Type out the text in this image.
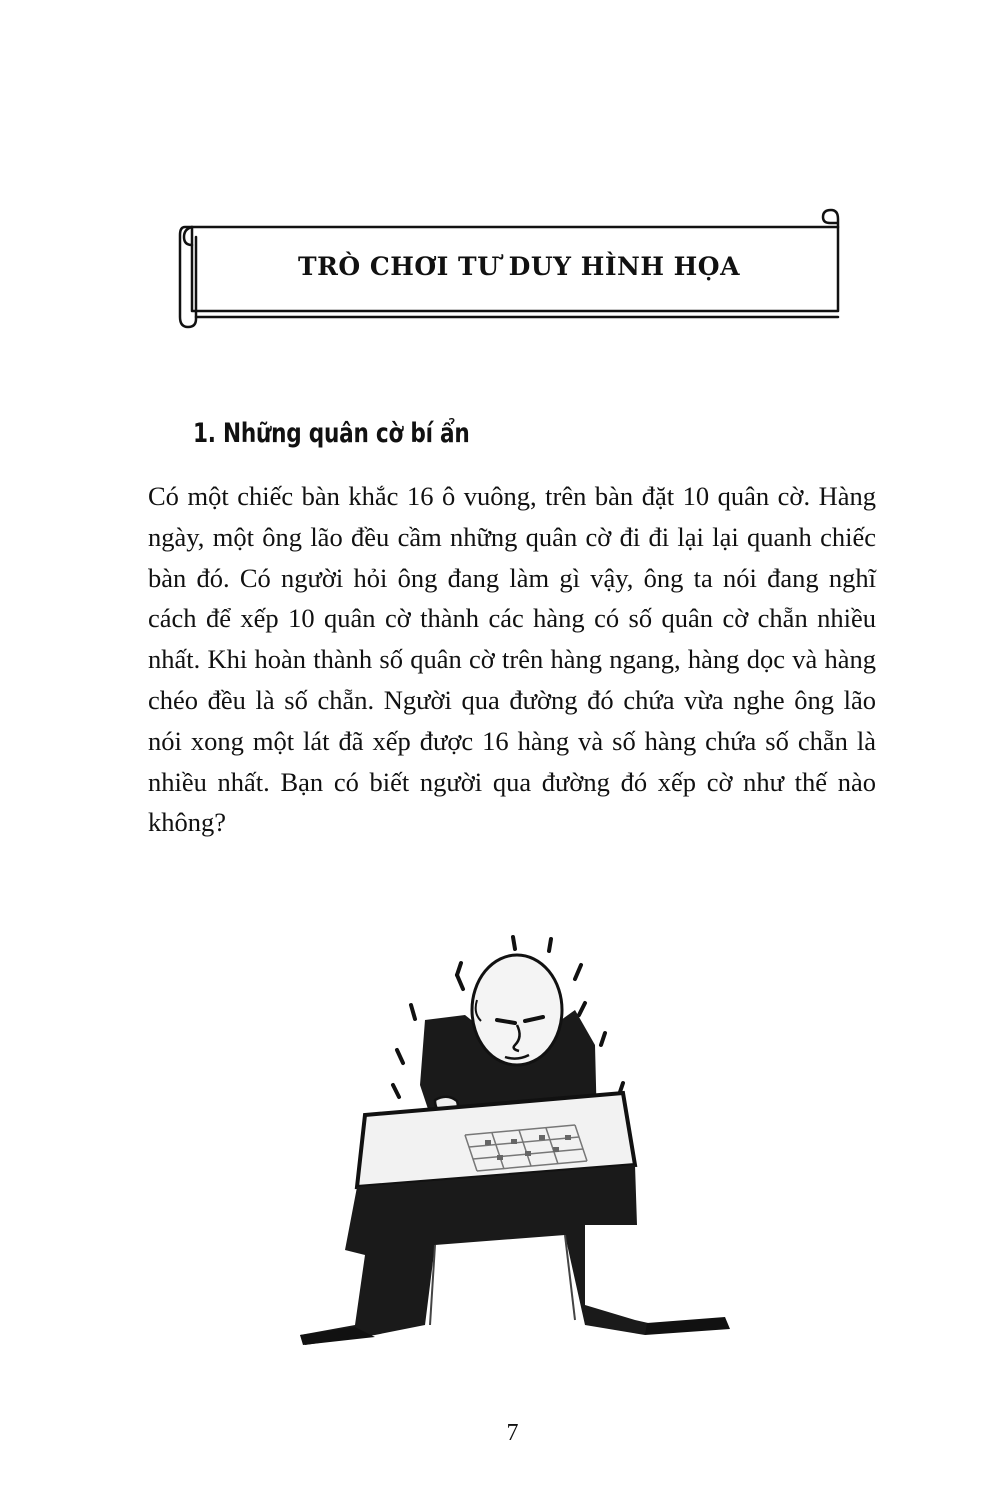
TRÒ CHƠI TƯ DUY HÌNH HỌA
1. Những quân cờ bí ẩn

Có một chiếc bàn khắc 16 ô vuông, trên bàn đặt 10 quân cờ. Hàng ngày, một ông lão đều cầm những quân cờ đi đi lại lại quanh chiếc bàn đó. Có người hỏi ông đang làm gì vậy, ông ta nói đang nghĩ cách để xếp 10 quân cờ thành các hàng có số quân cờ chẵn nhiều nhất. Khi hoàn thành số quân cờ trên hàng ngang, hàng dọc và hàng chéo đều là số chẵn. Người qua đường đó chứa vừa nghe ông lão nói xong một lát đã xếp được 16 hàng và số hàng chứa số chẵn là nhiều nhất. Bạn có biết người qua đường đó xếp cờ như thế nào không?

7
